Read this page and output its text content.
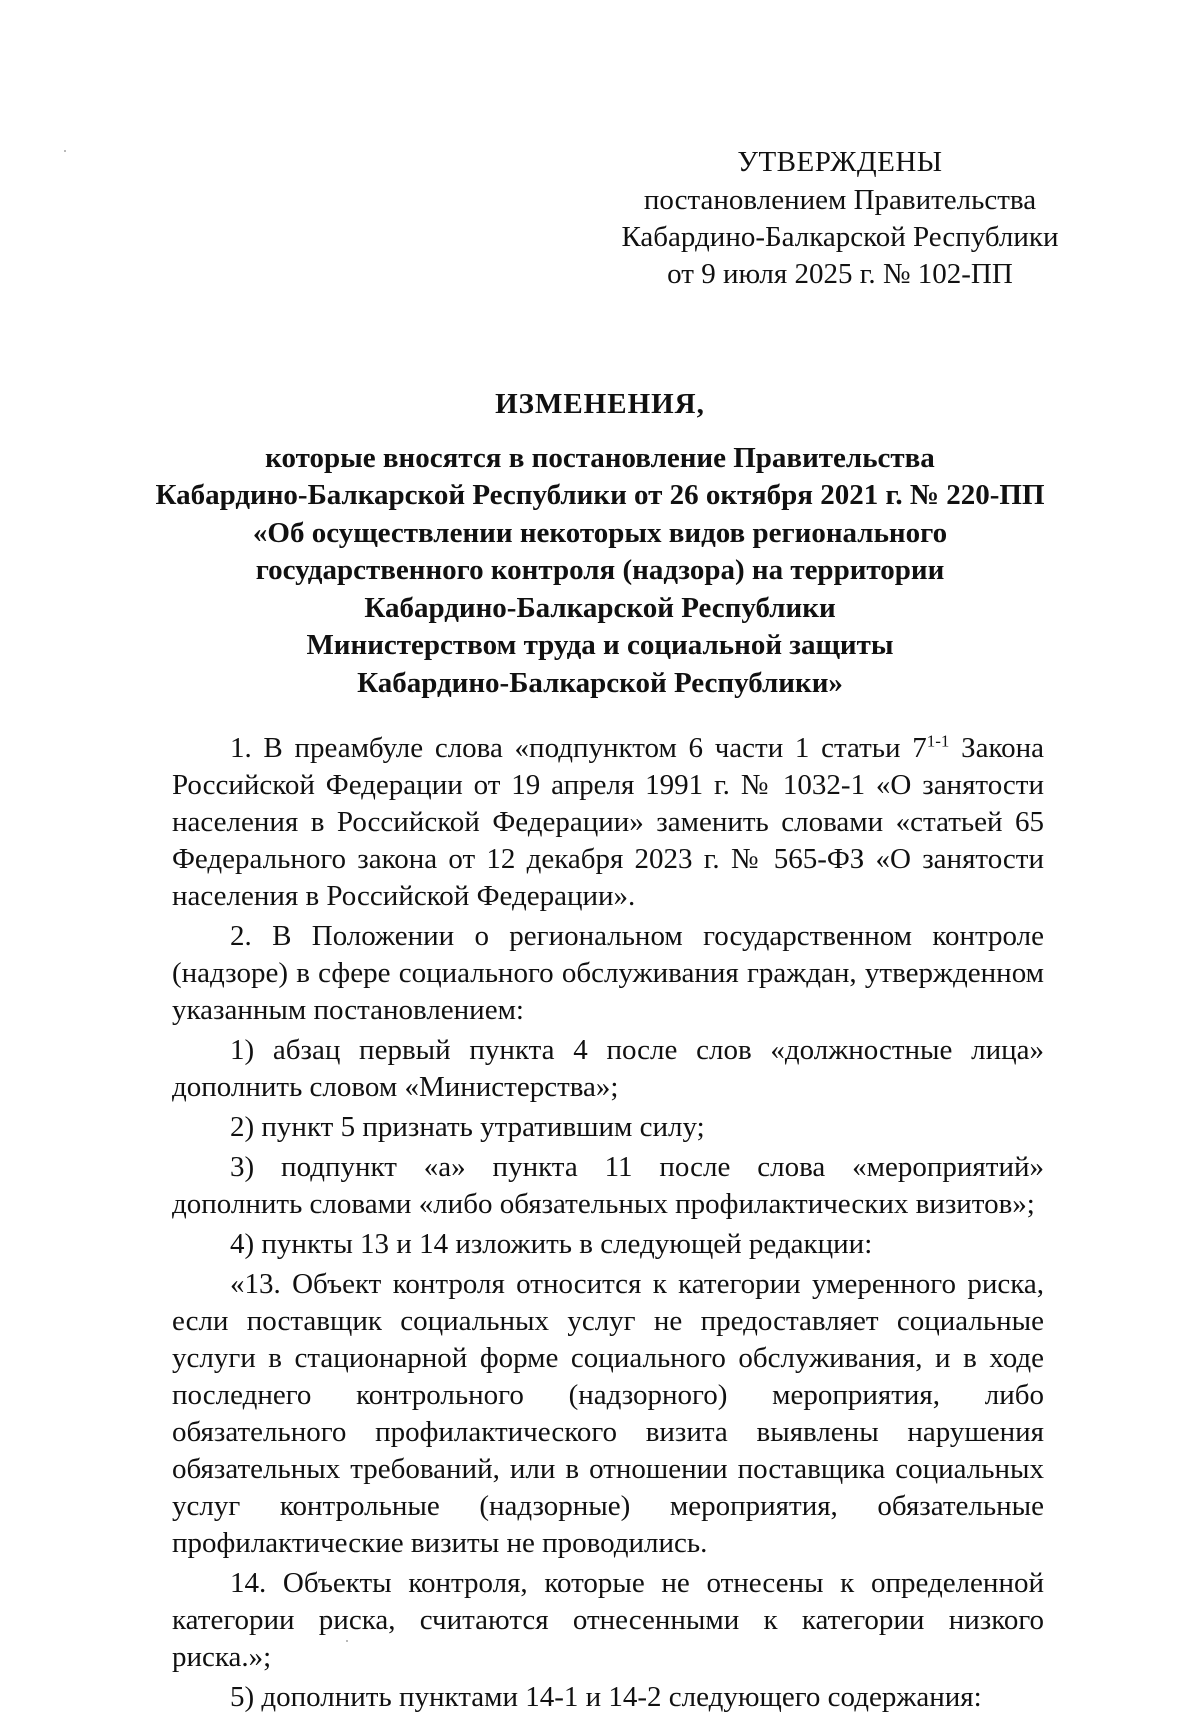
УТВЕРЖДЕНЫ
постановлением Правительства
Кабардино-Балкарской Республики
от 9 июля 2025 г. № 102-ПП
ИЗМЕНЕНИЯ,
которые вносятся в постановление Правительства
Кабардино-Балкарской Республики от 26 октября 2021 г. № 220-ПП
«Об осуществлении некоторых видов регионального
государственного контроля (надзора) на территории
Кабардино-Балкарской Республики
Министерством труда и социальной защиты
Кабардино-Балкарской Республики»

1. В преамбуле слова «подпунктом 6 части 1 статьи 7$^{1-1}$ Закона Российской Федерации от 19 апреля 1991 г. № 1032-1 «О занятости населения в Российской Федерации» заменить словами «статьей 65 Федерального закона от 12 декабря 2023 г. № 565-ФЗ «О занятости населения в Российской Федерации».

2. В Положении о региональном государственном контроле (надзоре) в сфере социального обслуживания граждан, утвержденном указанным постановлением:

1) абзац первый пункта 4 после слов «должностные лица» дополнить словом «Министерства»;

2) пункт 5 признать утратившим силу;

3) подпункт «а» пункта 11 после слова «мероприятий» дополнить словами «либо обязательных профилактических визитов»;

4) пункты 13 и 14 изложить в следующей редакции:

«13. Объект контроля относится к категории умеренного риска, если поставщик социальных услуг не предоставляет социальные услуги в стационарной форме социального обслуживания, и в ходе последнего контрольного (надзорного) мероприятия, либо обязательного профилактического визита выявлены нарушения обязательных требований, или в отношении поставщика социальных услуг контрольные (надзорные) мероприятия, обязательные профилактические визиты не проводились.

14. Объекты контроля, которые не отнесены к определенной категории риска, считаются отнесенными к категории низкого риска.»;

5) дополнить пунктами 14-1 и 14-2 следующего содержания:
